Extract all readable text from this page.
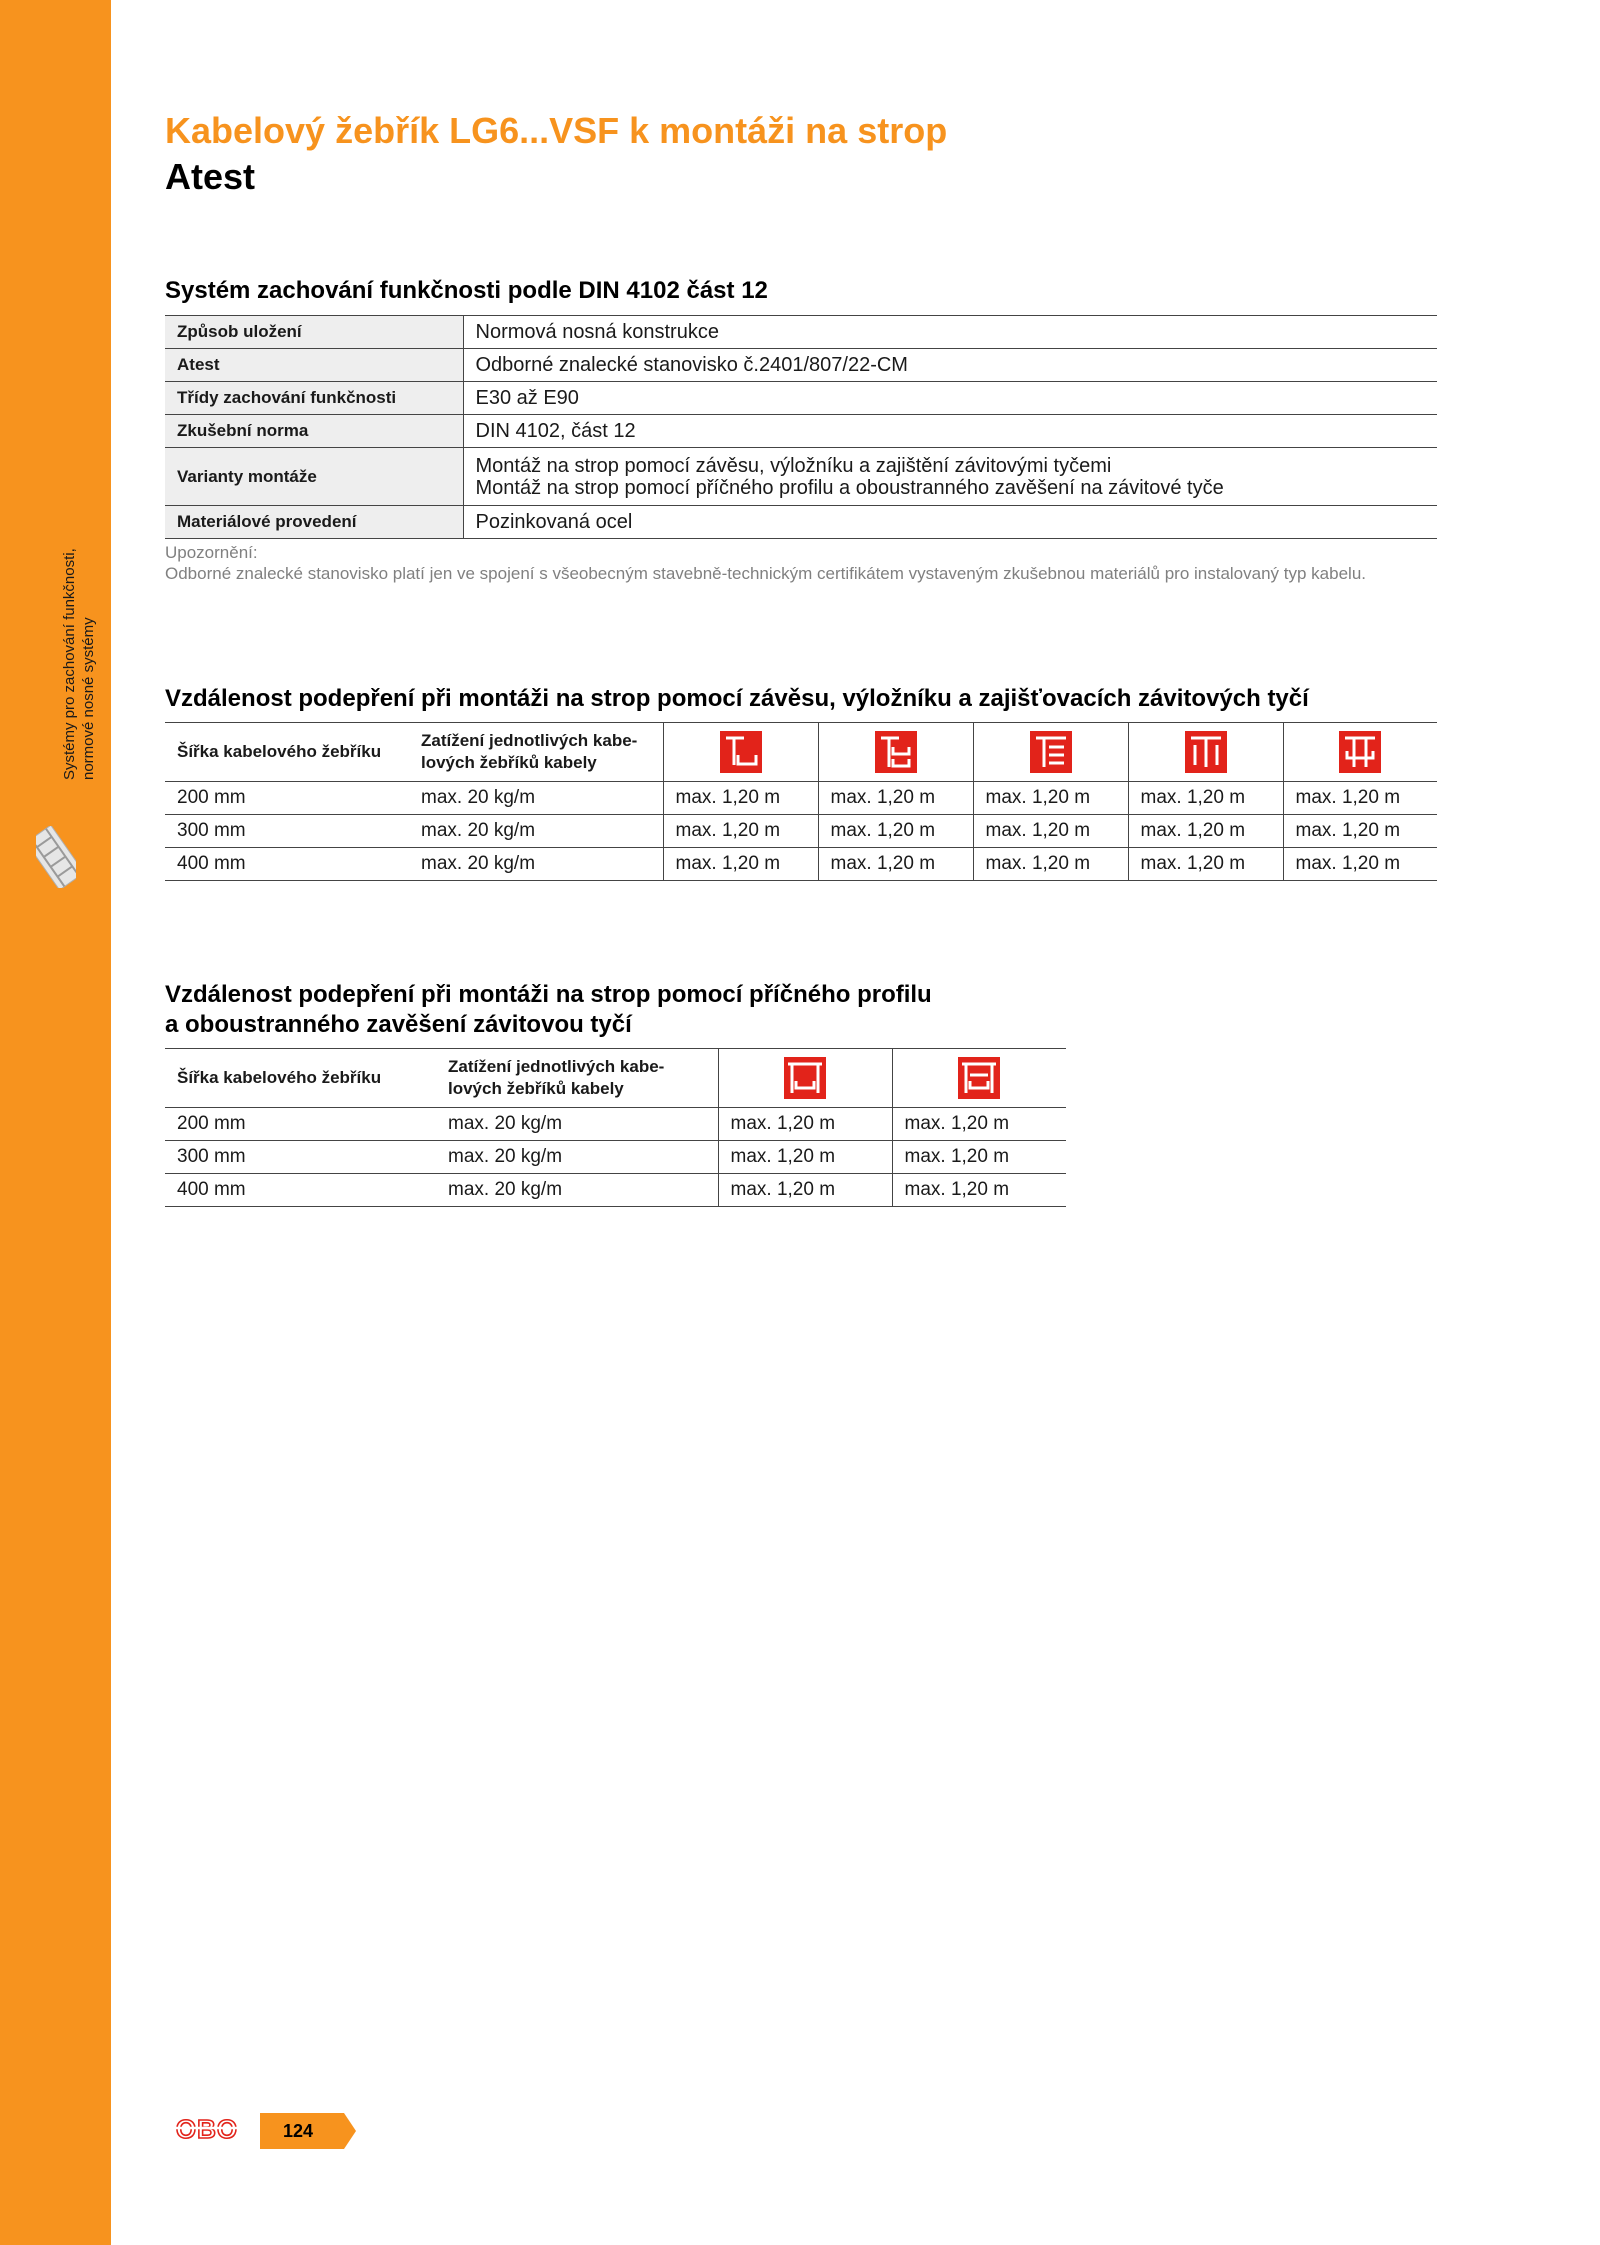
Systémy pro zachování funkčnosti, normové nosné systémy
Kabelový žebřík LG6...VSF k montáži na strop
Atest
Systém zachování funkčnosti podle DIN 4102 část 12
Způsob uložení	Normová nosná konstrukce
Atest	Odborné znalecké stanovisko č.2401/807/22-CM
Třídy zachování funkčnosti	E30 až E90
Zkušební norma	DIN 4102, část 12
Varianty montáže	Montáž na strop pomocí závěsu, výložníku a zajištění závitovými tyčemi
Montáž na strop pomocí příčného profilu a oboustranného zavěšení na závitové tyče

Materiálové provedení	Pozinkovaná ocel
Upozornění:
Odborné znalecké stanovisko platí jen ve spojení s všeobecným stavebně-technickým certifikátem vystaveným zkušebnou materiálů pro instalovaný typ kabelu.
Vzdálenost podepření při montáži na strop pomocí závěsu, výložníku a zajišťovacích závitových tyčí
Šířka kabelového žebříku	Zatížení jednotlivých kabe-
lových žebříků kabely

200 mm	max. 20 kg/m	max. 1,20 m	max. 1,20 m	max. 1,20 m	max. 1,20 m	max. 1,20 m
300 mm	max. 20 kg/m	max. 1,20 m	max. 1,20 m	max. 1,20 m	max. 1,20 m	max. 1,20 m
400 mm	max. 20 kg/m	max. 1,20 m	max. 1,20 m	max. 1,20 m	max. 1,20 m	max. 1,20 m
Vzdálenost podepření při montáži na strop pomocí příčného profilu
a oboustranného zavěšení závitovou tyčí
Šířka kabelového žebříku	Zatížení jednotlivých kabe-
lových žebříků kabely

200 mm	max. 20 kg/m	max. 1,20 m	max. 1,20 m
300 mm	max. 20 kg/m	max. 1,20 m	max. 1,20 m
400 mm	max. 20 kg/m	max. 1,20 m	max. 1,20 m
OBO 124
